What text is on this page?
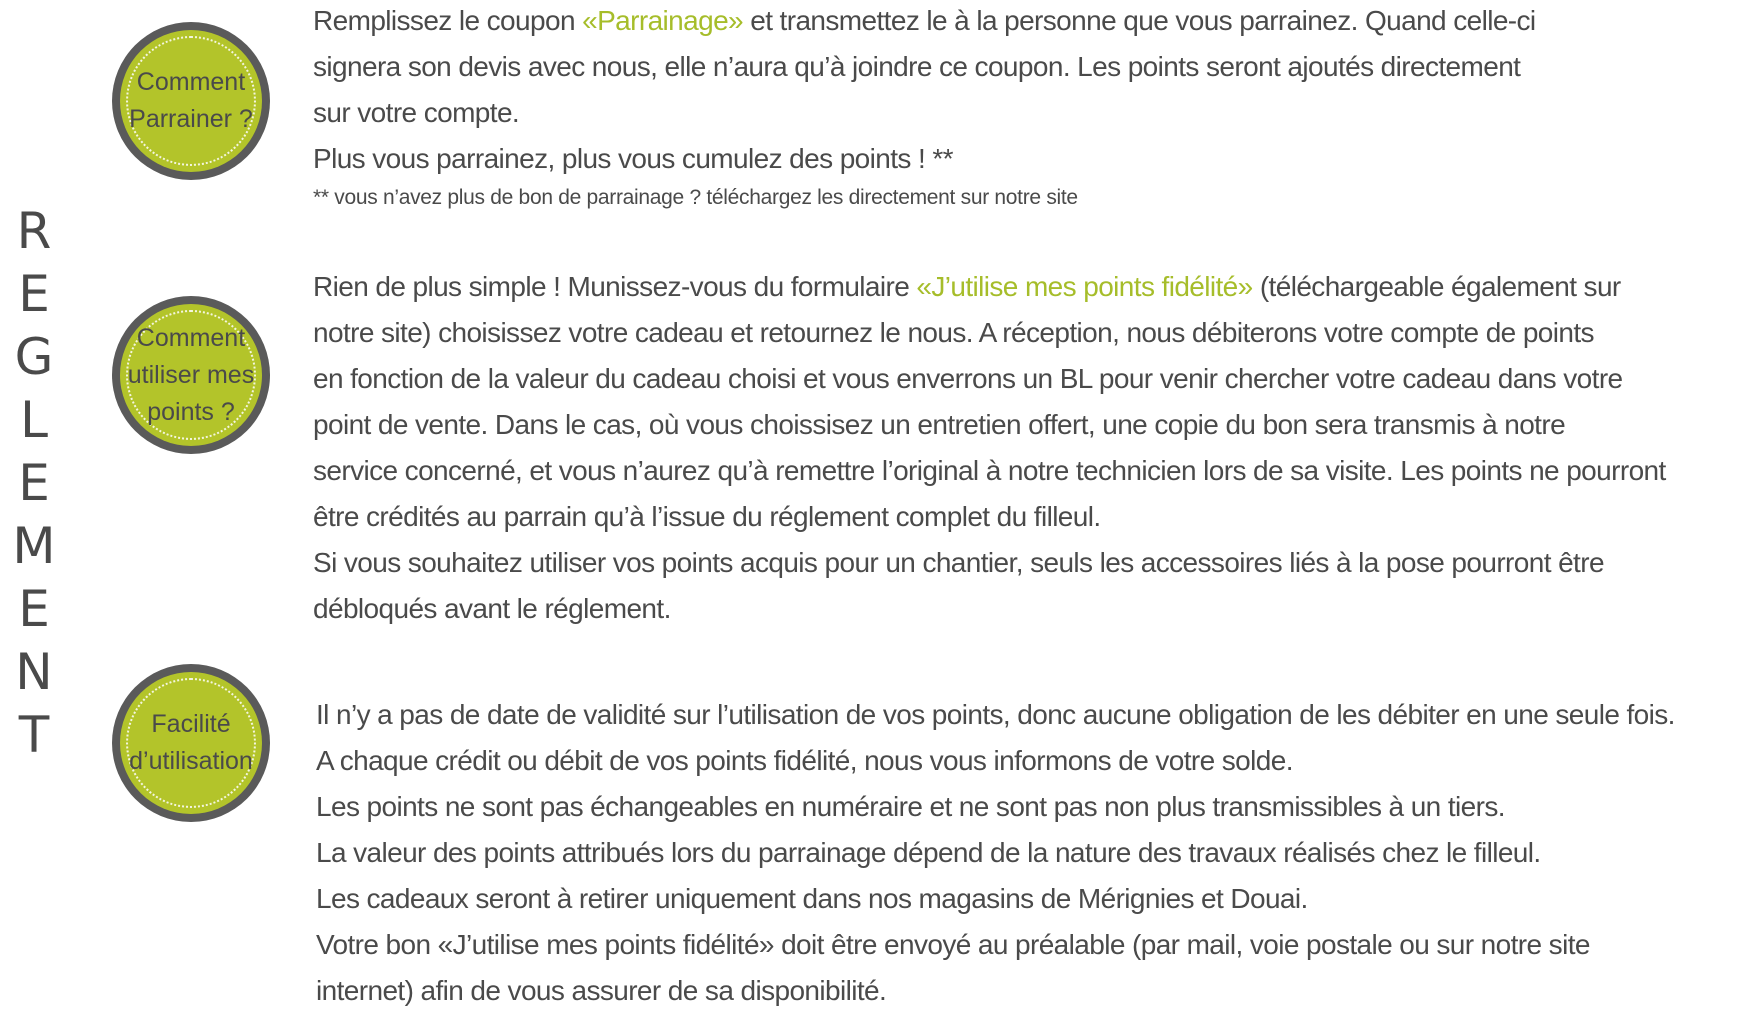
R
E
G
L
E
M
E
N
T
Comment
Parrainer ?

Remplissez le coupon «Parrainage» et transmettez le à la personne que vous parrainez. Quand celle-ci

signera son devis avec nous, elle n’aura qu’à joindre ce coupon. Les points seront ajoutés directement

sur votre compte.

Plus vous parrainez, plus vous cumulez des points ! **

** vous n’avez plus de bon de parrainage ? téléchargez les directement sur notre site
Comment
utiliser mes
points ?

Rien de plus simple ! Munissez-vous du formulaire «J’utilise mes points fidélité» (téléchargeable également sur

notre site) choisissez votre cadeau et retournez le nous. A réception, nous débiterons votre compte de points

en fonction de la valeur du cadeau choisi et vous enverrons un BL pour venir chercher votre cadeau dans votre

point de vente. Dans le cas, où vous choissisez un entretien offert, une copie du bon sera transmis à notre

service concerné, et vous n’aurez qu’à remettre l’original à notre technicien lors de sa visite. Les points ne pourront

être crédités au parrain qu’à l’issue du réglement complet du filleul.

Si vous souhaitez utiliser vos points acquis pour un chantier, seuls les accessoires liés à la pose pourront être

débloqués avant le réglement.

Facilité
d’utilisation

Il n’y a pas de date de validité sur l’utilisation de vos points, donc aucune obligation de les débiter en une seule fois.

A chaque crédit ou débit de vos points fidélité, nous vous informons de votre solde.

Les points ne sont pas échangeables en numéraire et ne sont pas non plus transmissibles à un tiers.

La valeur des points attribués lors du parrainage dépend de la nature des travaux réalisés chez le filleul.

Les cadeaux seront à retirer uniquement dans nos magasins de Mérignies et Douai.

Votre bon «J’utilise mes points fidélité» doit être envoyé au préalable (par mail, voie postale ou sur notre site

internet) afin de vous assurer de sa disponibilité.
